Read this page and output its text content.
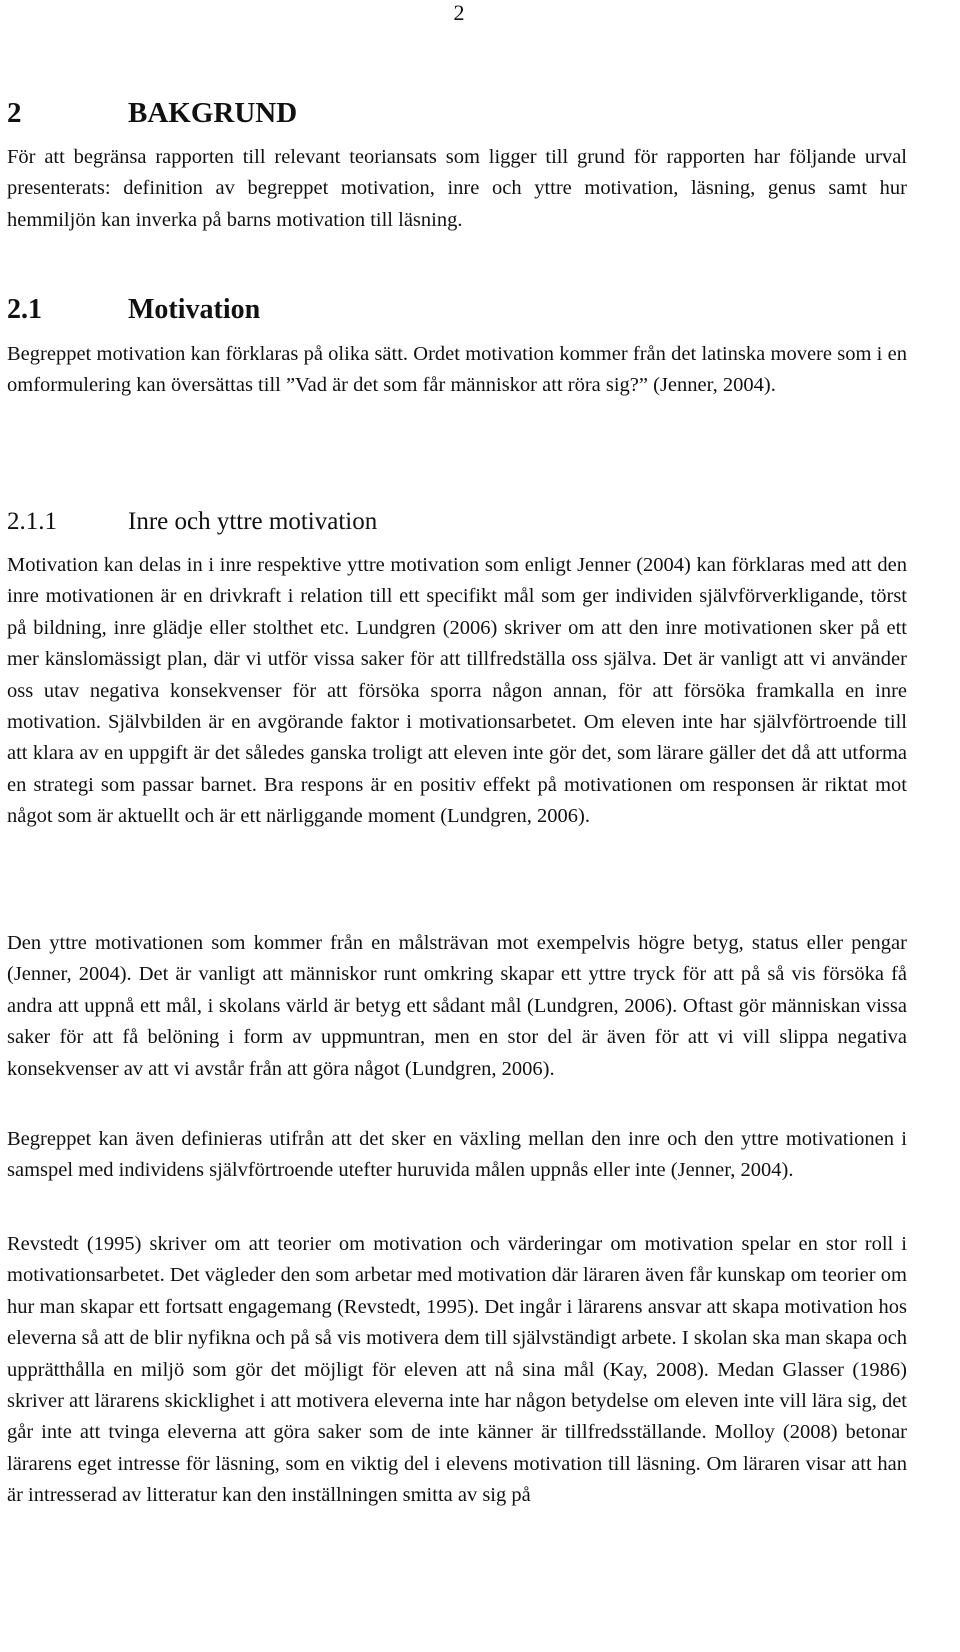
2
2	BAKGRUND

För att begränsa rapporten till relevant teoriansats som ligger till grund för rapporten har följande urval presenterats: definition av begreppet motivation, inre och yttre motivation, läsning, genus samt hur hemmiljön kan inverka på barns motivation till läsning.

2.1	Motivation

Begreppet motivation kan förklaras på olika sätt. Ordet motivation kommer från det latinska movere som i en omformulering kan översättas till ”Vad är det som får människor att röra sig?” (Jenner, 2004).

2.1.1	Inre och yttre motivation

Motivation kan delas in i inre respektive yttre motivation som enligt Jenner (2004) kan förklaras med att den inre motivationen är en drivkraft i relation till ett specifikt mål som ger individen självförverkligande, törst på bildning, inre glädje eller stolthet etc. Lundgren (2006) skriver om att den inre motivationen sker på ett mer känslomässigt plan, där vi utför vissa saker för att tillfredställa oss själva. Det är vanligt att vi använder oss utav negativa konsekvenser för att försöka sporra någon annan, för att försöka framkalla en inre motivation. Självbilden är en avgörande faktor i motivationsarbetet. Om eleven inte har självförtroende till att klara av en uppgift är det således ganska troligt att eleven inte gör det, som lärare gäller det då att utforma en strategi som passar barnet. Bra respons är en positiv effekt på motivationen om responsen är riktat mot något som är aktuellt och är ett närliggande moment (Lundgren, 2006).

Den yttre motivationen som kommer från en målsträvan mot exempelvis högre betyg, status eller pengar (Jenner, 2004). Det är vanligt att människor runt omkring skapar ett yttre tryck för att på så vis försöka få andra att uppnå ett mål, i skolans värld är betyg ett sådant mål (Lundgren, 2006). Oftast gör människan vissa saker för att få belöning i form av uppmuntran, men en stor del är även för att vi vill slippa negativa konsekvenser av att vi avstår från att göra något (Lundgren, 2006).

Begreppet kan även definieras utifrån att det sker en växling mellan den inre och den yttre motivationen i samspel med individens självförtroende utefter huruvida målen uppnås eller inte (Jenner, 2004).

Revstedt (1995) skriver om att teorier om motivation och värderingar om motivation spelar en stor roll i motivationsarbetet. Det vägleder den som arbetar med motivation där läraren även får kunskap om teorier om hur man skapar ett fortsatt engagemang (Revstedt, 1995). Det ingår i lärarens ansvar att skapa motivation hos eleverna så att de blir nyfikna och på så vis motivera dem till självständigt arbete. I skolan ska man skapa och upprätthålla en miljö som gör det möjligt för eleven att nå sina mål (Kay, 2008). Medan Glasser (1986) skriver att lärarens skicklighet i att motivera eleverna inte har någon betydelse om eleven inte vill lära sig, det går inte att tvinga eleverna att göra saker som de inte känner är tillfredsställande. Molloy (2008) betonar lärarens eget intresse för läsning, som en viktig del i elevens motivation till läsning. Om läraren visar att han är intresserad av litteratur kan den inställningen smitta av sig på
